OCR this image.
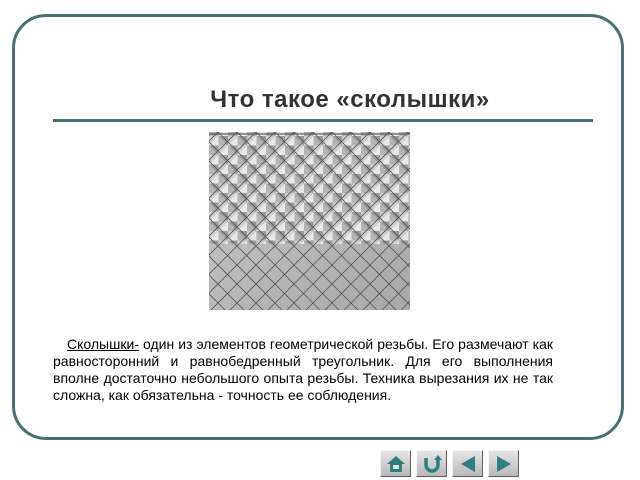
Что такое «сколышки»

Сколышки- один из элементов геометрической резьбы. Его размечают как равносторонний и равнобедренный треугольник. Для его выполнения вполне достаточно небольшого опыта резьбы. Техника вырезания их не так сложна, как обязательна - точность ее соблюдения.
